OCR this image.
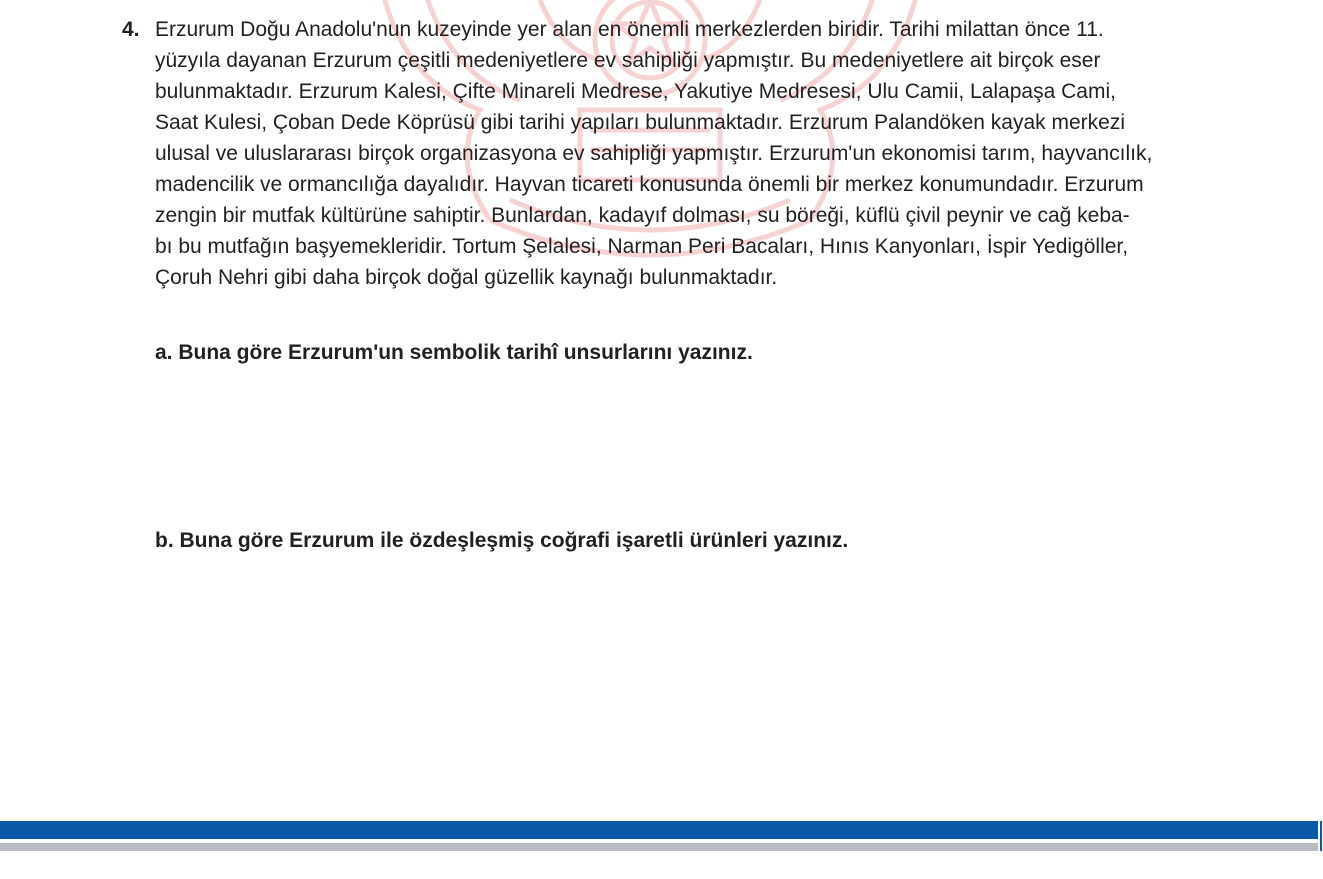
4. Erzurum Doğu Anadolu'nun kuzeyinde yer alan en önemli merkezlerden biridir. Tarihi milattan önce 11.
yüzyıla dayanan Erzurum çeşitli medeniyetlere ev sahipliği yapmıştır. Bu medeniyetlere ait birçok eser
bulunmaktadır. Erzurum Kalesi, Çifte Minareli Medrese, Yakutiye Medresesi, Ulu Camii, Lalapaşa Cami,
Saat Kulesi, Çoban Dede Köprüsü gibi tarihi yapıları bulunmaktadır. Erzurum Palandöken kayak merkezi
ulusal ve uluslararası birçok organizasyona ev sahipliği yapmıştır. Erzurum'un ekonomisi tarım, hayvancılık,
madencilik ve ormancılığa dayalıdır. Hayvan ticareti konusunda önemli bir merkez konumundadır. Erzurum
zengin bir mutfak kültürüne sahiptir. Bunlardan, kadayıf dolması, su böreği, küflü çivil peynir ve cağ keba-
bı bu mutfağın başyemekleridir. Tortum Şelalesi, Narman Peri Bacaları, Hınıs Kanyonları, İspir Yedigöller,
Çoruh Nehri gibi daha birçok doğal güzellik kaynağı bulunmaktadır.

a. Buna göre Erzurum'un sembolik tarihî unsurlarını yazınız.
b. Buna göre Erzurum ile özdeşleşmiş coğrafi işaretli ürünleri yazınız.
